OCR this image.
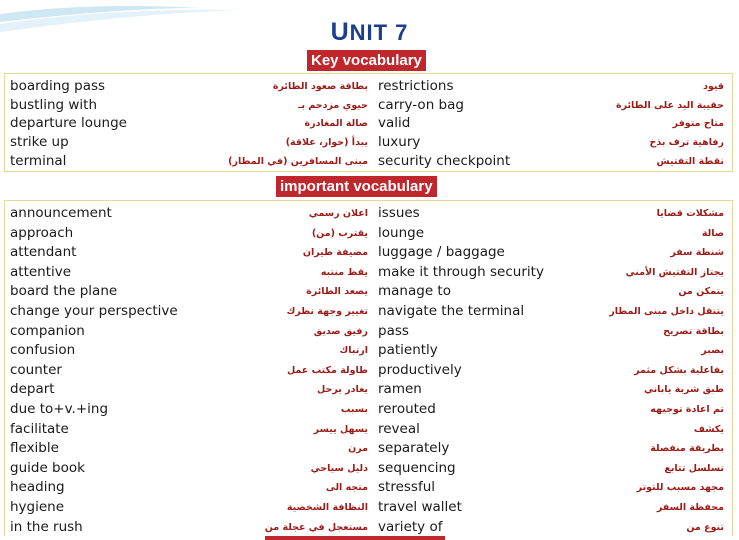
UNIT 7
Key vocabulary
boarding pass	بطاقة صعود الطائرة restrictions	قيود
bustling with	حيوي مزدحم بـ carry-on bag	حقيبة اليد على الطائرة
departure lounge	صالة المغادرة valid	متاح متوفر
strike up	يبدأ (حوار، علاقة) luxury	رفاهية ترف بذخ
terminal	مبنى المسافرين (في المطار) security checkpoint	نقطة التفتيش
important vocabulary
announcement	اعلان رسمي issues	مشكلات قضايا
approach	يقترب (من) lounge	صالة
attendant	مضيفة طيران luggage / baggage	شنطة سفر
attentive	يقظ منتبه make it through security	يجتاز التفتيش الأمني
board the plane	يصعد الطائرة manage to	يتمكن من
change your perspective	تغيير وجهة نظرك navigate the terminal	يتنقل داخل مبنى المطار
companion	رفيق صديق pass	بطاقة تصريح
confusion	ارتباك patiently	بصبر
counter	طاولة مكتب عمل productively	بفاعلية بشكل مثمر
depart	يغادر يرحل ramen	طبق شربة ياباني
due to+v.+ing	بسبب rerouted	تم اعادة توجيهه
facilitate	يسهل ييسر reveal	يكشف
flexible	مرن separately	بطريقة منفصلة
guide book	دليل سياحي sequencing	تسلسل تتابع
heading	متجه الى stressful	مجهد مسبب للتوتر
hygiene	النظافة الشخصية travel wallet	محفظة السفر
in the rush	مستعجل في عجلة من variety of	تنوع من
